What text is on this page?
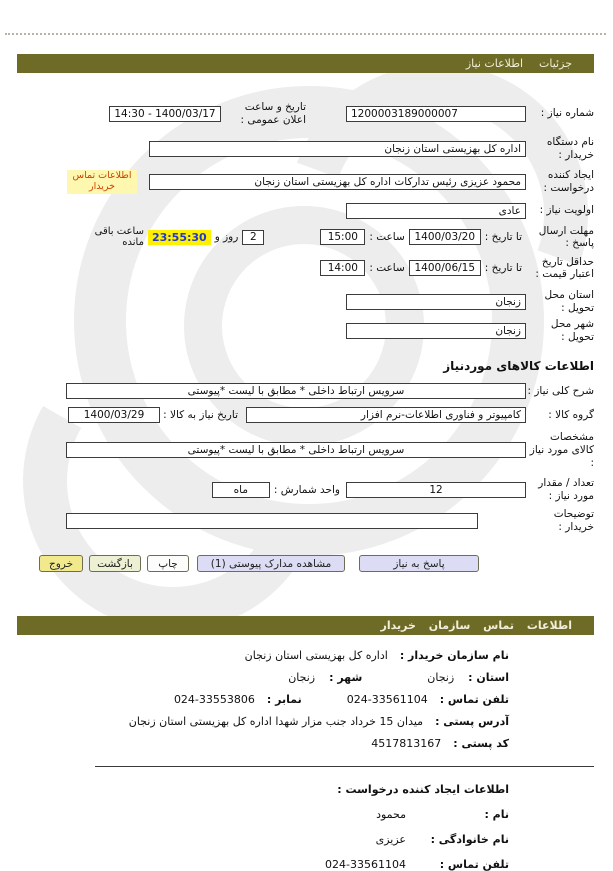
جزئیات
اطلاعات نیاز
شماره نیاز :
1200003189000007
تاریخ و ساعت اعلان عمومی :
14:30 - 1400/03/17
نام دستگاه خریدار :
اداره کل بهزیستی استان زنجان
ایجاد کننده درخواست :
محمود عزیزی رئیس تدارکات اداره کل بهزیستی استان زنجان
اطلاعات تماس خریدار
اولویت نیاز :
عادی
مهلت ارسال پاسخ :
تا تاریخ :
1400/03/20
ساعت :
15:00
2
روز و
23:55:30
ساعت باقی مانده
حداقل تاریخ اعتبار قیمت :
تا تاریخ :
1400/06/15
ساعت :
14:00
استان محل تحویل :
زنجان
شهر محل تحویل :
زنجان
اطلاعات کالاهای موردنیاز
شرح کلی نیاز :
سرویس ارتباط داخلی * مطابق با لیست *پیوستی
گروه کالا :
کامپیوتر و فناوری اطلاعات-نرم افزار
تاریخ نیاز به کالا :
1400/03/29
مشخصات کالای مورد نیاز :
سرویس ارتباط داخلی * مطابق با لیست *پیوستی
تعداد / مقدار مورد نیاز :
12
واحد شمارش :
ماه
توضیحات خریدار :
پاسخ به نیاز
مشاهده مدارک پیوستی (1)
چاپ
بازگشت
خروج
اطلاعات تماس سازمان خریدار
نام سازمان خریدار :
اداره کل بهزیستی استان زنجان
استان :
زنجان
شهر :
زنجان
تلفن تماس :
024-33561104
نمابر :
024-33553806
آدرس پستی :
میدان 15 خرداد جنب مزار شهدا اداره کل بهزیستی استان زنجان
کد پستی :
4517813167
اطلاعات ایجاد کننده درخواست :
نام :
محمود
نام خانوادگی :
عزیزی
تلفن تماس :
024-33561104
